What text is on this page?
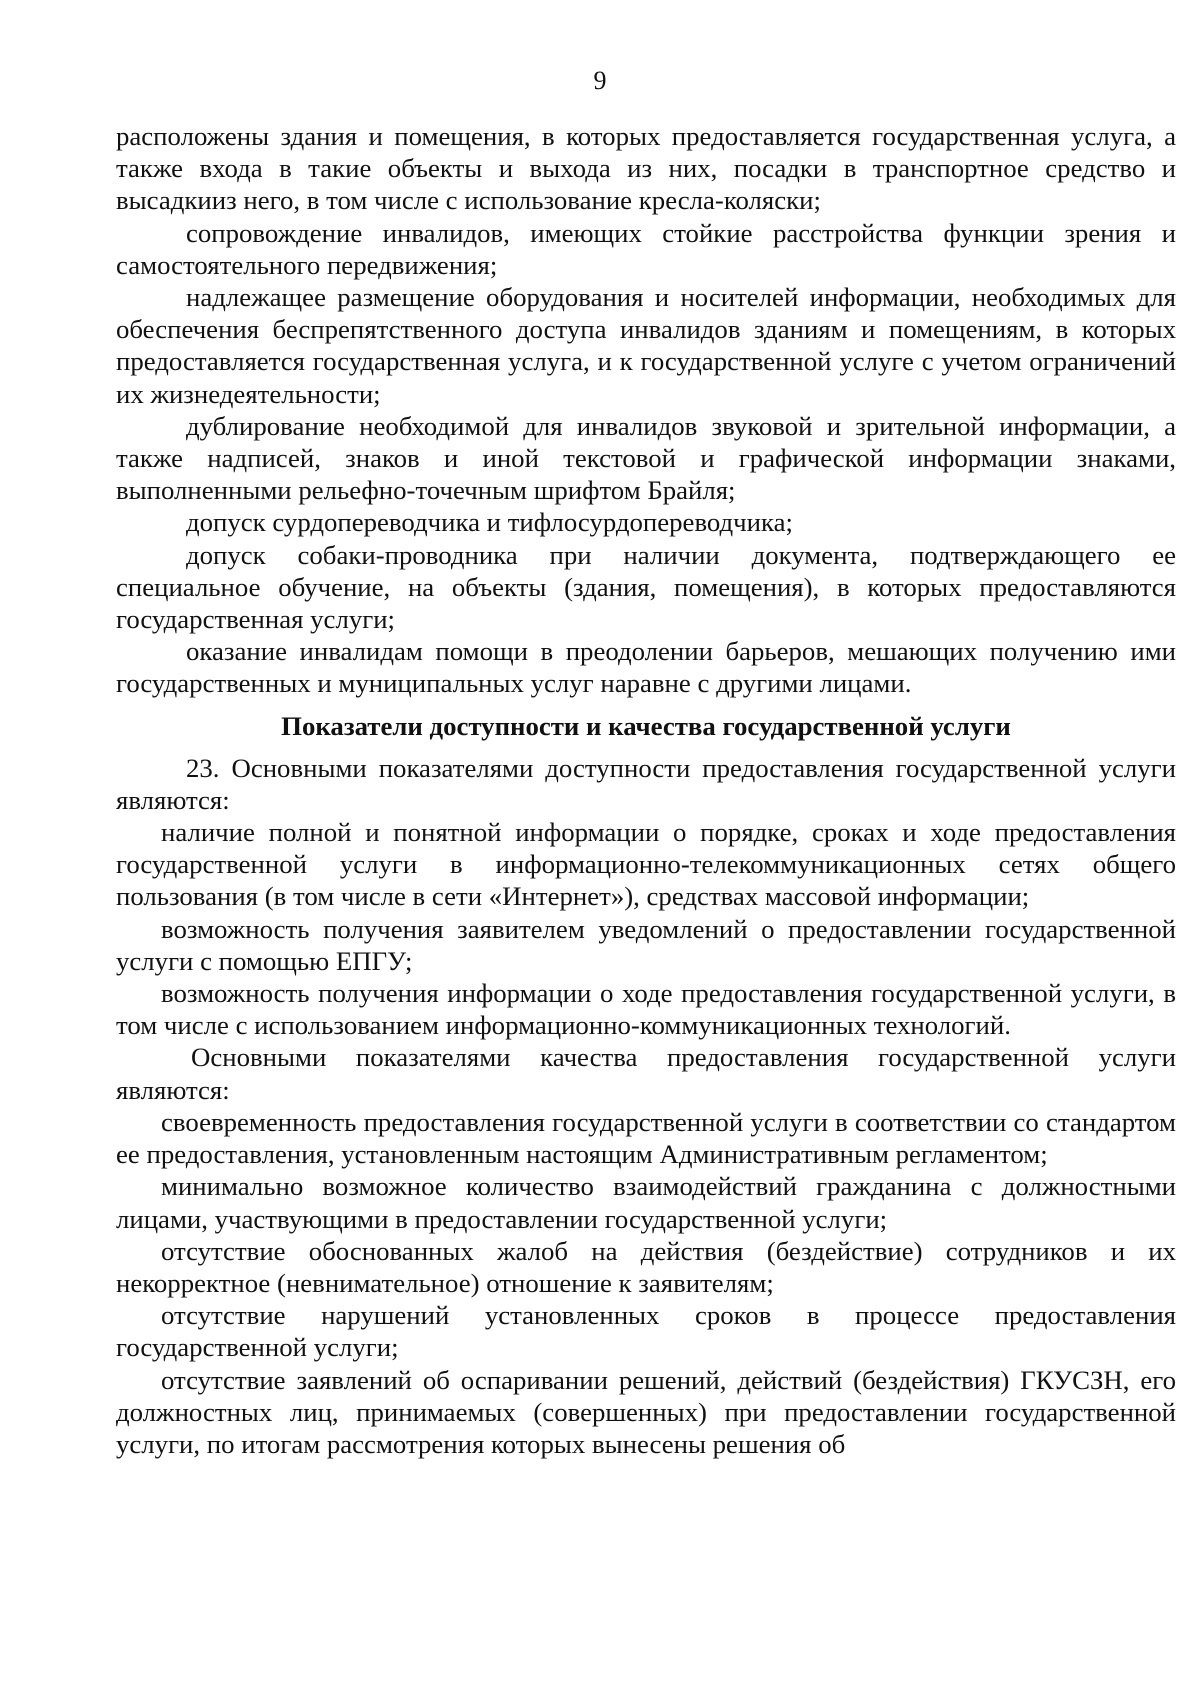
9

расположены здания и помещения, в которых предоставляется государственная услуга, а также входа в такие объекты и выхода из них, посадки в транспортное средство и высадкииз него, в том числе с использование кресла-коляски;

сопровождение инвалидов, имеющих стойкие расстройства функции зрения и самостоятельного передвижения;

надлежащее размещение оборудования и носителей информации, необходимых для обеспечения беспрепятственного доступа инвалидов зданиям и помещениям, в которых предоставляется государственная услуга, и к государственной услуге с учетом ограничений их жизнедеятельности;

дублирование необходимой для инвалидов звуковой и зрительной информации, а также надписей, знаков и иной текстовой и графической информации знаками, выполненными рельефно-точечным шрифтом Брайля;

допуск сурдопереводчика и тифлосурдопереводчика;

допуск собаки-проводника при наличии документа, подтверждающего ее специальное обучение, на объекты (здания, помещения), в которых предоставляются государственная услуги;

оказание инвалидам помощи в преодолении барьеров, мешающих получению ими государственных и муниципальных услуг наравне с другими лицами.

Показатели доступности и качества государственной услуги

23. Основными показателями доступности предоставления государственной услуги являются:

наличие полной и понятной информации о порядке, сроках и ходе предоставления государственной услуги в информационно-телекоммуникационных сетях общего пользования (в том числе в сети «Интернет»), средствах массовой информации;

возможность получения заявителем уведомлений о предоставлении государственной услуги с помощью ЕПГУ;

возможность получения информации о ходе предоставления государственной услуги, в том числе с использованием информационно-коммуникационных технологий.

Основными показателями качества предоставления государственной услуги являются:

своевременность предоставления государственной услуги в соответствии со стандартом ее предоставления, установленным настоящим Административным регламентом;

минимально возможное количество взаимодействий гражданина с должностными лицами, участвующими в предоставлении государственной услуги;

отсутствие обоснованных жалоб на действия (бездействие) сотрудников и их некорректное (невнимательное) отношение к заявителям;

отсутствие нарушений установленных сроков в процессе предоставления государственной услуги;

отсутствие заявлений об оспаривании решений, действий (бездействия) ГКУСЗН, его должностных лиц, принимаемых (совершенных) при предоставлении государственной услуги, по итогам рассмотрения которых вынесены решения об
